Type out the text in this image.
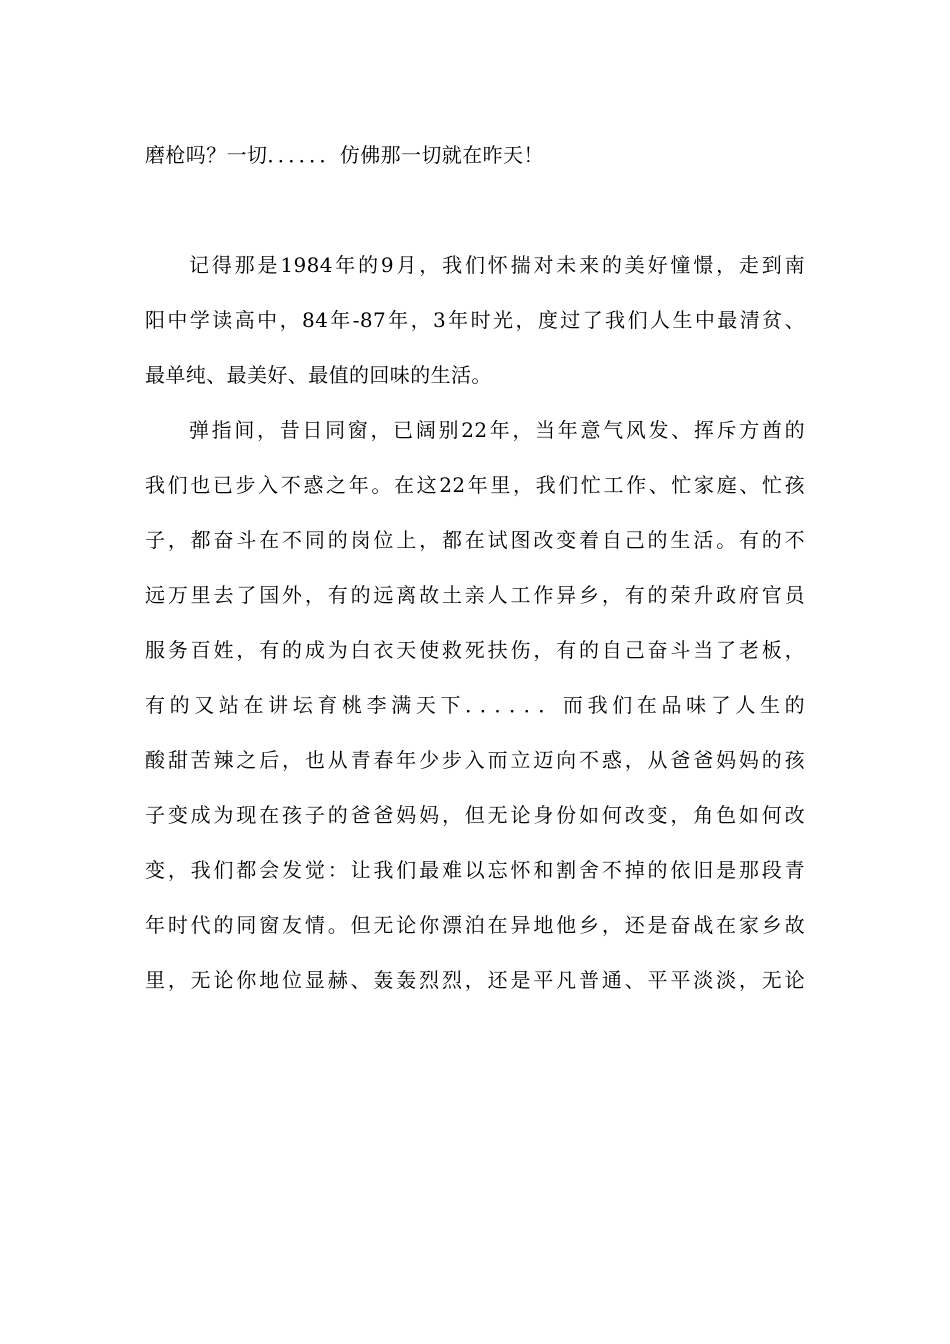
磨枪吗？一切．．．．．．仿佛那一切就在昨天！
记得那是1984年的9月，我们怀揣对未来的美好憧憬，走到南
阳中学读高中，84年-87年，3年时光，度过了我们人生中最清贫、
最单纯、最美好、最值的回味的生活。
弹指间，昔日同窗，已阔别22年，当年意气风发、挥斥方酋的
我们也已步入不惑之年。在这22年里，我们忙工作、忙家庭、忙孩
子，都奋斗在不同的岗位上，都在试图改变着自己的生活。有的不
远万里去了国外，有的远离故土亲人工作异乡，有的荣升政府官员
服务百姓，有的成为白衣天使救死扶伤，有的自己奋斗当了老板，
有的又站在讲坛育桃李满天下．．．．．．而我们在品味了人生的
酸甜苦辣之后，也从青春年少步入而立迈向不惑，从爸爸妈妈的孩
子变成为现在孩子的爸爸妈妈，但无论身份如何改变，角色如何改
变，我们都会发觉：让我们最难以忘怀和割舍不掉的依旧是那段青
年时代的同窗友情。但无论你漂泊在异地他乡，还是奋战在家乡故
里，无论你地位显赫、轰轰烈烈，还是平凡普通、平平淡淡，无论
